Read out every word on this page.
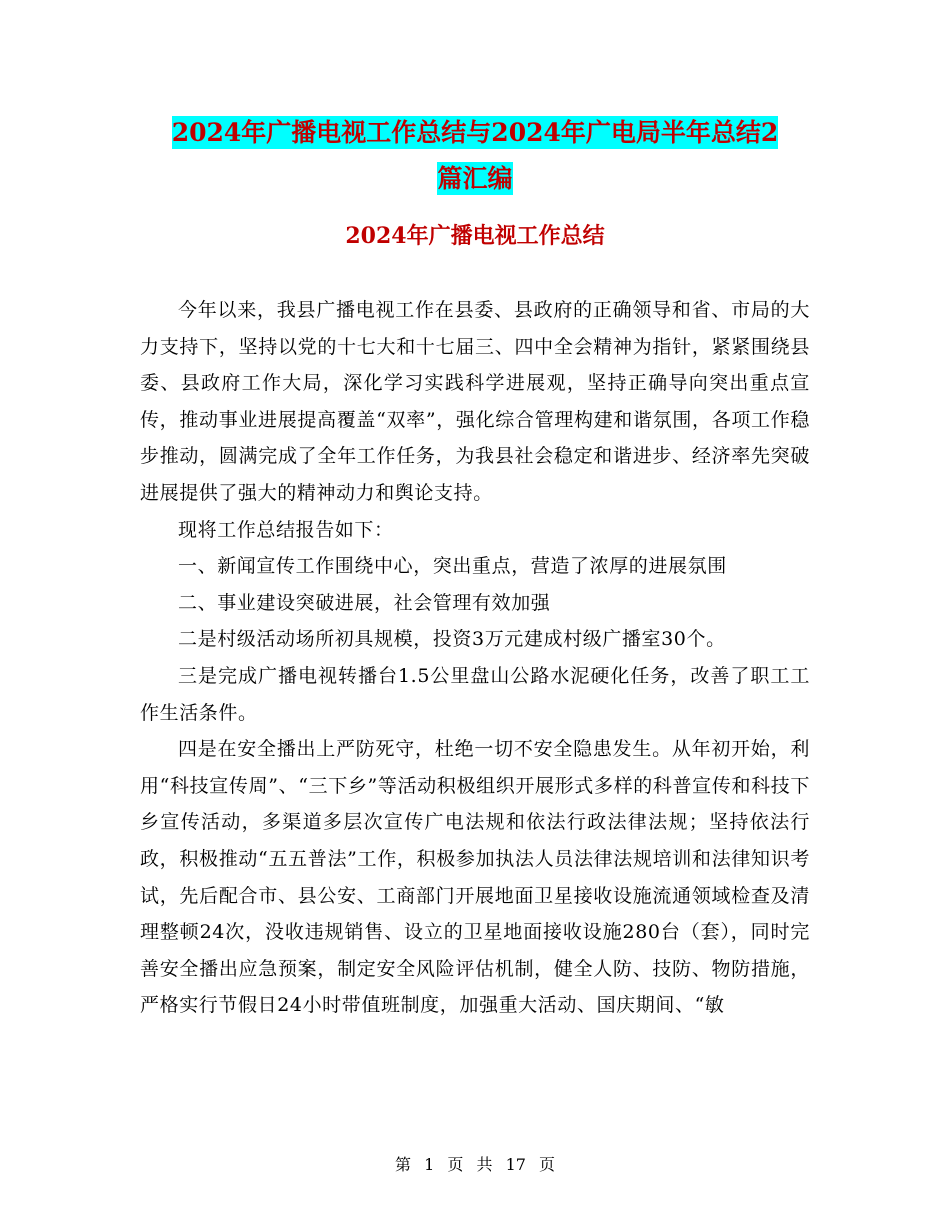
2024年广播电视工作总结与2024年广电局半年总结2
篇汇编
2024年广播电视工作总结

今年以来，我县广播电视工作在县委、县政府的正确领导和省、市局的大力支持下，坚持以党的十七大和十七届三、四中全会精神为指针，紧紧围绕县委、县政府工作大局，深化学习实践科学进展观，坚持正确导向突出重点宣传，推动事业进展提高覆盖“双率”，强化综合管理构建和谐氛围，各项工作稳步推动，圆满完成了全年工作任务，为我县社会稳定和谐进步、经济率先突破进展提供了强大的精神动力和舆论支持。

现将工作总结报告如下：

一、新闻宣传工作围绕中心，突出重点，营造了浓厚的进展氛围

二、事业建设突破进展，社会管理有效加强

二是村级活动场所初具规模，投资3万元建成村级广播室30个。

三是完成广播电视转播台1.5公里盘山公路水泥硬化任务，改善了职工工作生活条件。

四是在安全播出上严防死守，杜绝一切不安全隐患发生。从年初开始，利用“科技宣传周”、“三下乡”等活动积极组织开展形式多样的科普宣传和科技下乡宣传活动，多渠道多层次宣传广电法规和依法行政法律法规；坚持依法行政，积极推动“五五普法”工作，积极参加执法人员法律法规培训和法律知识考试，先后配合市、县公安、工商部门开展地面卫星接收设施流通领域检查及清理整顿24次，没收违规销售、设立的卫星地面接收设施280台（套），同时完善安全播出应急预案，制定安全风险评估机制，健全人防、技防、物防措施，严格实行节假日24小时带值班制度，加强重大活动、国庆期间、“敏

第 1 页 共 17 页
